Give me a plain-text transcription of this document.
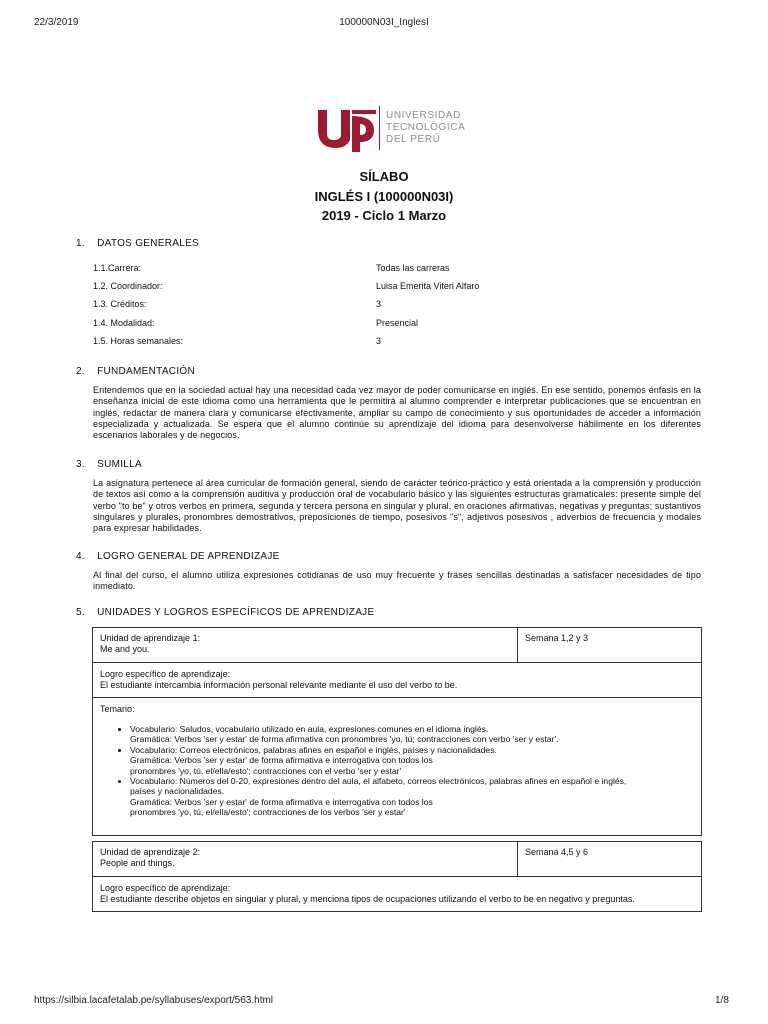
22/3/2019	100000N03I_InglesI
UNIVERSIDAD
TECNOLÓGICA
DEL PERÚ
SÍLABO
INGLÉS I (100000N03I)
2019 - Ciclo 1 Marzo
1. DATOS GENERALES
1.1.Carrera:	Todas las carreras
1.2. Coordinador:	Luisa Emerita Viteri Alfaro
1.3. Créditos:	3
1.4. Modalidad:	Presencial
1.5. Horas semanales:	3
2. FUNDAMENTACIÓN
Entendemos que en la sociedad actual hay una necesidad cada vez mayor de poder comunicarse en inglés. En ese sentido, ponemos énfasis en la enseñanza inicial de este idioma como una herramienta que le permitirá al alumno comprender e interpretar publicaciones que se encuentran en inglés, redactar de manera clara y comunicarse efectivamente, ampliar su campo de conocimiento y sus oportunidades de acceder a información especializada y actualizada. Se espera que el alumno continúe su aprendizaje del idioma para desenvolverse hábilmente en los diferentes escenarios laborales y de negocios.
3. SUMILLA
La asignatura pertenece al área curricular de formación general, siendo de carácter teórico-práctico y está orientada a la comprensión y producción de textos así como a la comprensión auditiva y producción oral de vocabulario básico y las siguientes estructuras gramaticales: presente simple del verbo "to be" y otros verbos en primera, segunda y tercera persona en singular y plural, en oraciones afirmativas, negativas y preguntas; sustantivos singulares y plurales, pronombres demostrativos, preposiciones de tiempo, posesivos "s", adjetivos posesivos , adverbios de frecuencia y modales para expresar habilidades.
4. LOGRO GENERAL DE APRENDIZAJE
Al final del curso, el alumno utiliza expresiones cotidianas de uso muy frecuente y frases sencillas destinadas a satisfacer necesidades de tipo inmediato.
5. UNIDADES Y LOGROS ESPECÍFICOS DE APRENDIZAJE
Unidad de aprendizaje 1:
Me and you.
Semana 1,2 y 3
Logro específico de aprendizaje:
El estudiante intercambia información personal relevante mediante el uso del verbo to be.
Temario:
• Vocabulario: Saludos, vocabulario utilizado en aula, expresiones comunes en el idioma inglés.
Gramática: Verbos 'ser y estar' de forma afirmativa con pronombres 'yo, tú; contracciones con verbo 'ser y estar'.
• Vocabulario: Correos electrónicos, palabras afines en español e inglés, países y nacionalidades.
Gramática: Verbos 'ser y estar' de forma afirmativa e interrogativa con todos los
pronombres 'yo, tú, el/ella/esto'; contracciones con el verbo 'ser y estar'
• Vocabulario: Números del 0-20, expresiones dentro del aula, el alfabeto, correos electrónicos, palabras afines en español e inglés,
países y nacionalidades.
Gramática: Verbos 'ser y estar' de forma afirmativa e interrogativa con todos los
pronombres 'yo, tú, el/ella/esto'; contracciones de los verbos 'ser y estar'
Unidad de aprendizaje 2:
People and things.
Semana 4,5 y 6
Logro específico de aprendizaje:
El estudiante describe objetos en singular y plural, y menciona tipos de ocupaciones utilizando el verbo to be en negativo y preguntas.
https://silbia.lacafetalab.pe/syllabuses/export/563.html	1/8
